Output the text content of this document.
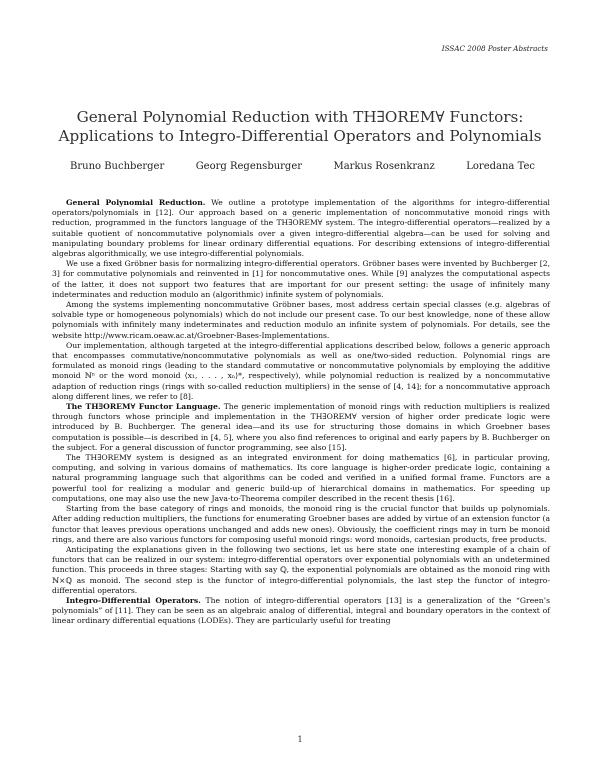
ISSAC 2008 Poster Abstracts
General Polynomial Reduction with TH∃OREM∀ Functors:
Applications to Integro-Differential Operators and Polynomials
Bruno Buchberger	Georg Regensburger	Markus Rosenkranz	Loredana Tec

General Polynomial Reduction. We outline a prototype implementation of the algorithms for integro-differential operators/polynomials in [12]. Our approach based on a generic implementation of noncommutative monoid rings with reduction, programmed in the functors language of the TH∃OREM∀ system. The integro-differential operators—realized by a suitable quotient of noncommutative polynomials over a given integro-differential algebra—can be used for solving and manipulating boundary problems for linear ordinary differential equations. For describing extensions of integro-differential algebras algorithmically, we use integro-differential polynomials.

We use a fixed Gröbner basis for normalizing integro-differential operators. Gröbner bases were invented by Buchberger [2, 3] for commutative polynomials and reinvented in [1] for noncommutative ones. While [9] analyzes the computational aspects of the latter, it does not support two features that are important for our present setting: the usage of infinitely many indeterminates and reduction modulo an (algorithmic) infinite system of polynomials.

Among the systems implementing noncommutative Gröbner bases, most address certain special classes (e.g. algebras of solvable type or homogeneous polynomials) which do not include our present case. To our best knowledge, none of these allow polynomials with infinitely many indeterminates and reduction modulo an infinite system of polynomials. For details, see the website http://www.ricam.oeaw.ac.at/Groebner-Bases-Implementations.

Our implementation, although targeted at the integro-differential applications described below, follows a generic approach that encompasses commutative/noncommutative polynomials as well as one/two-sided reduction. Polynomial rings are formulated as monoid rings (leading to the standard commutative or noncommutative polynomials by employing the additive monoid ℕⁿ or the word monoid ⟨x₁, . . . , xₙ⟩*, respectively), while polynomial reduction is realized by a noncommutative adaption of reduction rings (rings with so-called reduction multipliers) in the sense of [4, 14]; for a noncommutative approach along different lines, we refer to [8].

The TH∃OREM∀ Functor Language. The generic implementation of monoid rings with reduction multipliers is realized through functors whose principle and implementation in the TH∃OREM∀ version of higher order predicate logic were introduced by B. Buchberger. The general idea—and its use for structuring those domains in which Groebner bases computation is possible—is described in [4, 5], where you also find references to original and early papers by B. Buchberger on the subject. For a general discussion of functor programming, see also [15].

The TH∃OREM∀ system is designed as an integrated environment for doing mathematics [6], in particular proving, computing, and solving in various domains of mathematics. Its core language is higher-order predicate logic, containing a natural programming language such that algorithms can be coded and verified in a unified formal frame. Functors are a powerful tool for realizing a modular and generic build-up of hierarchical domains in mathematics. For speeding up computations, one may also use the new Java-to-Theorema compiler described in the recent thesis [16].

Starting from the base category of rings and monoids, the monoid ring is the crucial functor that builds up polynomials. After adding reduction multipliers, the functions for enumerating Groebner bases are added by virtue of an extension functor (a functor that leaves previous operations unchanged and adds new ones). Obviously, the coefficient rings may in turn be monoid rings, and there are also various functors for composing useful monoid rings: word monoids, cartesian products, free products.

Anticipating the explanations given in the following two sections, let us here state one interesting example of a chain of functors that can be realized in our system: integro-differential operators over exponential polynomials with an undetermined function. This proceeds in three stages: Starting with say ℚ, the exponential polynomials are obtained as the monoid ring with ℕ×ℚ as monoid. The second step is the functor of integro-differential polynomials, the last step the functor of integro-differential operators.

Integro-Differential Operators. The notion of integro-differential operators [13] is a generalization of the “Green’s polynomials” of [11]. They can be seen as an algebraic analog of differential, integral and boundary operators in the context of linear ordinary differential equations (LODEs). They are particularly useful for treating

1
